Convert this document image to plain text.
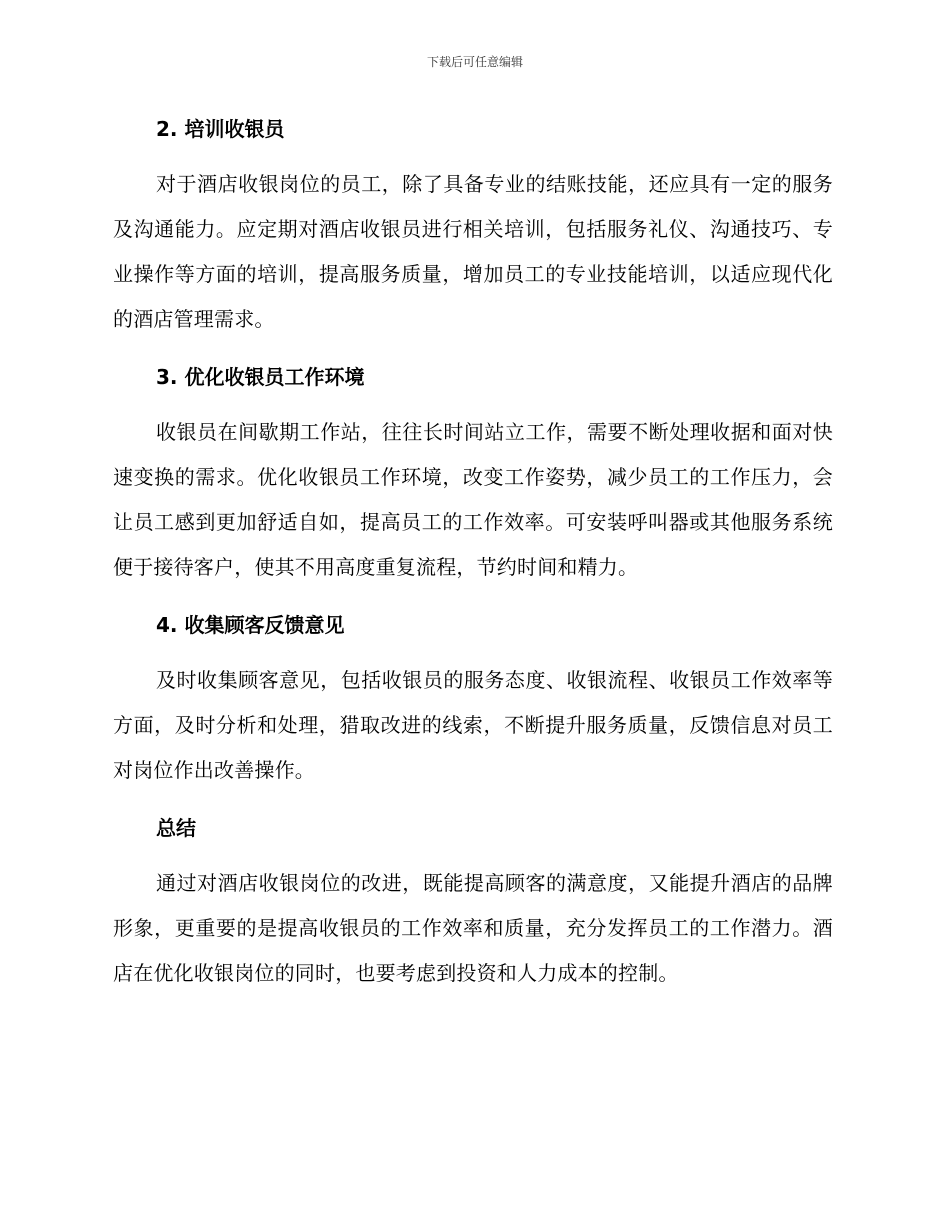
下载后可任意编辑
2. 培训收银员

对于酒店收银岗位的员工，除了具备专业的结账技能，还应具有一定的服务及沟通能力。应定期对酒店收银员进行相关培训，包括服务礼仪、沟通技巧、专业操作等方面的培训，提高服务质量，增加员工的专业技能培训，以适应现代化的酒店管理需求。

3. 优化收银员工作环境

收银员在间歇期工作站，往往长时间站立工作，需要不断处理收据和面对快速变换的需求。优化收银员工作环境，改变工作姿势，减少员工的工作压力，会让员工感到更加舒适自如，提高员工的工作效率。可安装呼叫器或其他服务系统便于接待客户，使其不用高度重复流程，节约时间和精力。

4. 收集顾客反馈意见

及时收集顾客意见，包括收银员的服务态度、收银流程、收银员工作效率等方面，及时分析和处理，猎取改进的线索，不断提升服务质量，反馈信息对员工对岗位作出改善操作。

总结

通过对酒店收银岗位的改进，既能提高顾客的满意度，又能提升酒店的品牌形象，更重要的是提高收银员的工作效率和质量，充分发挥员工的工作潜力。酒店在优化收银岗位的同时，也要考虑到投资和人力成本的控制。
